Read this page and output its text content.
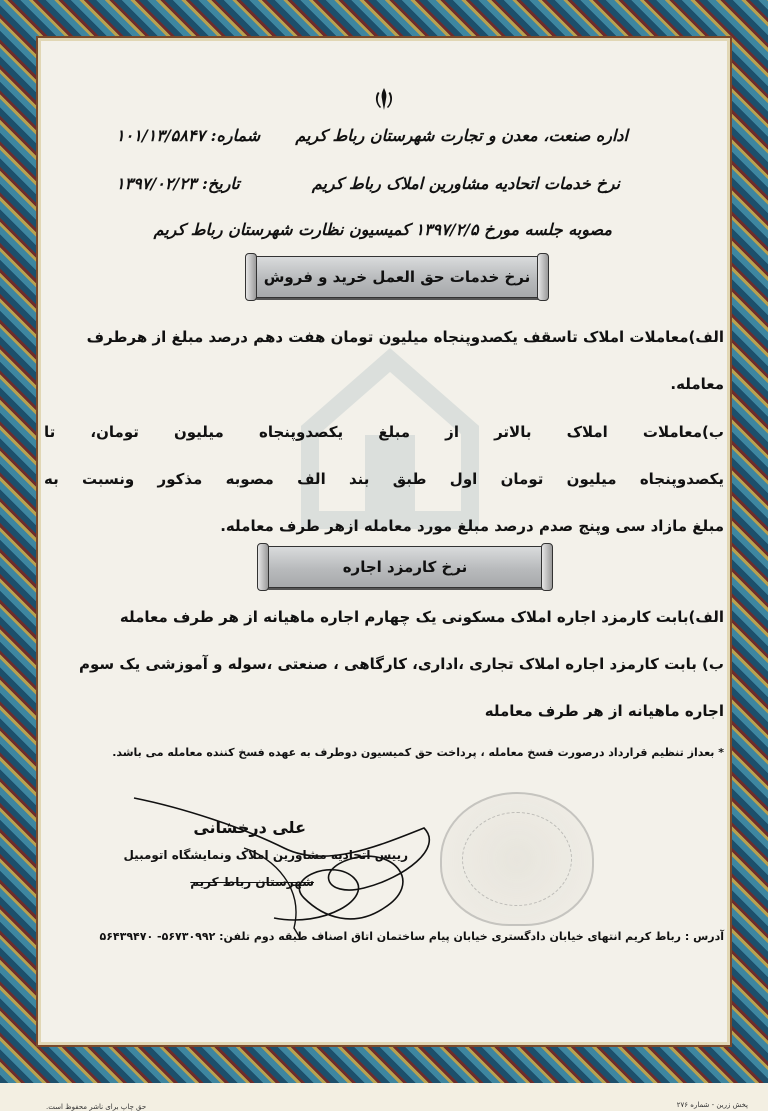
اداره صنعت، معدن و تجارت شهرستان رباط کریم
نرخ خدمات اتحادیه مشاورین املاک رباط کریم
مصوبه جلسه مورخ ۱۳۹۷/۲/۵ کمیسیون نظارت شهرستان رباط کریم
شماره: ۱۰۱/۱۳/۵۸۴۷
تاریخ: ۱۳۹۷/۰۲/۲۳
نرخ خدمات حق العمل خرید و فروش
الف)معاملات املاک تاسقف یکصدوپنجاه میلیون تومان هفت دهم درصد مبلغ از هرطرف
معامله.
ب)معاملات املاک بالاتر از مبلغ یکصدوپنجاه میلیون تومان، تا
یکصدوپنجاه میلیون تومان اول طبق بند الف مصوبه مذکور ونسبت به
مبلغ مازاد سی وپنج صدم درصد مبلغ مورد معامله ازهر طرف معامله.
نرخ کارمزد اجاره
الف)بابت کارمزد اجاره املاک مسکونی یک چهارم اجاره ماهیانه از هر طرف معامله
ب) بابت کارمزد اجاره املاک تجاری ،اداری، کارگاهی ، صنعتی ،سوله و آموزشی یک سوم
اجاره ماهیانه از هر طرف معامله
* بعداز تنظیم قرارداد درصورت فسخ معامله ، پرداخت حق کمیسیون دوطرف به عهده فسخ کننده معامله می باشد.
علی درخشانی
رییس اتحادیه مشاورین املاک ونمایشگاه اتومبیل
شهرستان رباط کریم
آدرس : رباط کریم انتهای خیابان دادگستری خیابان پیام ساختمان اتاق اصناف طبقه دوم تلفن: ۵۶۷۳۰۹۹۲- ۵۶۴۳۹۴۷۰
پخش زرین - شماره ۲۷۶
حق چاپ برای ناشر محفوظ است.
